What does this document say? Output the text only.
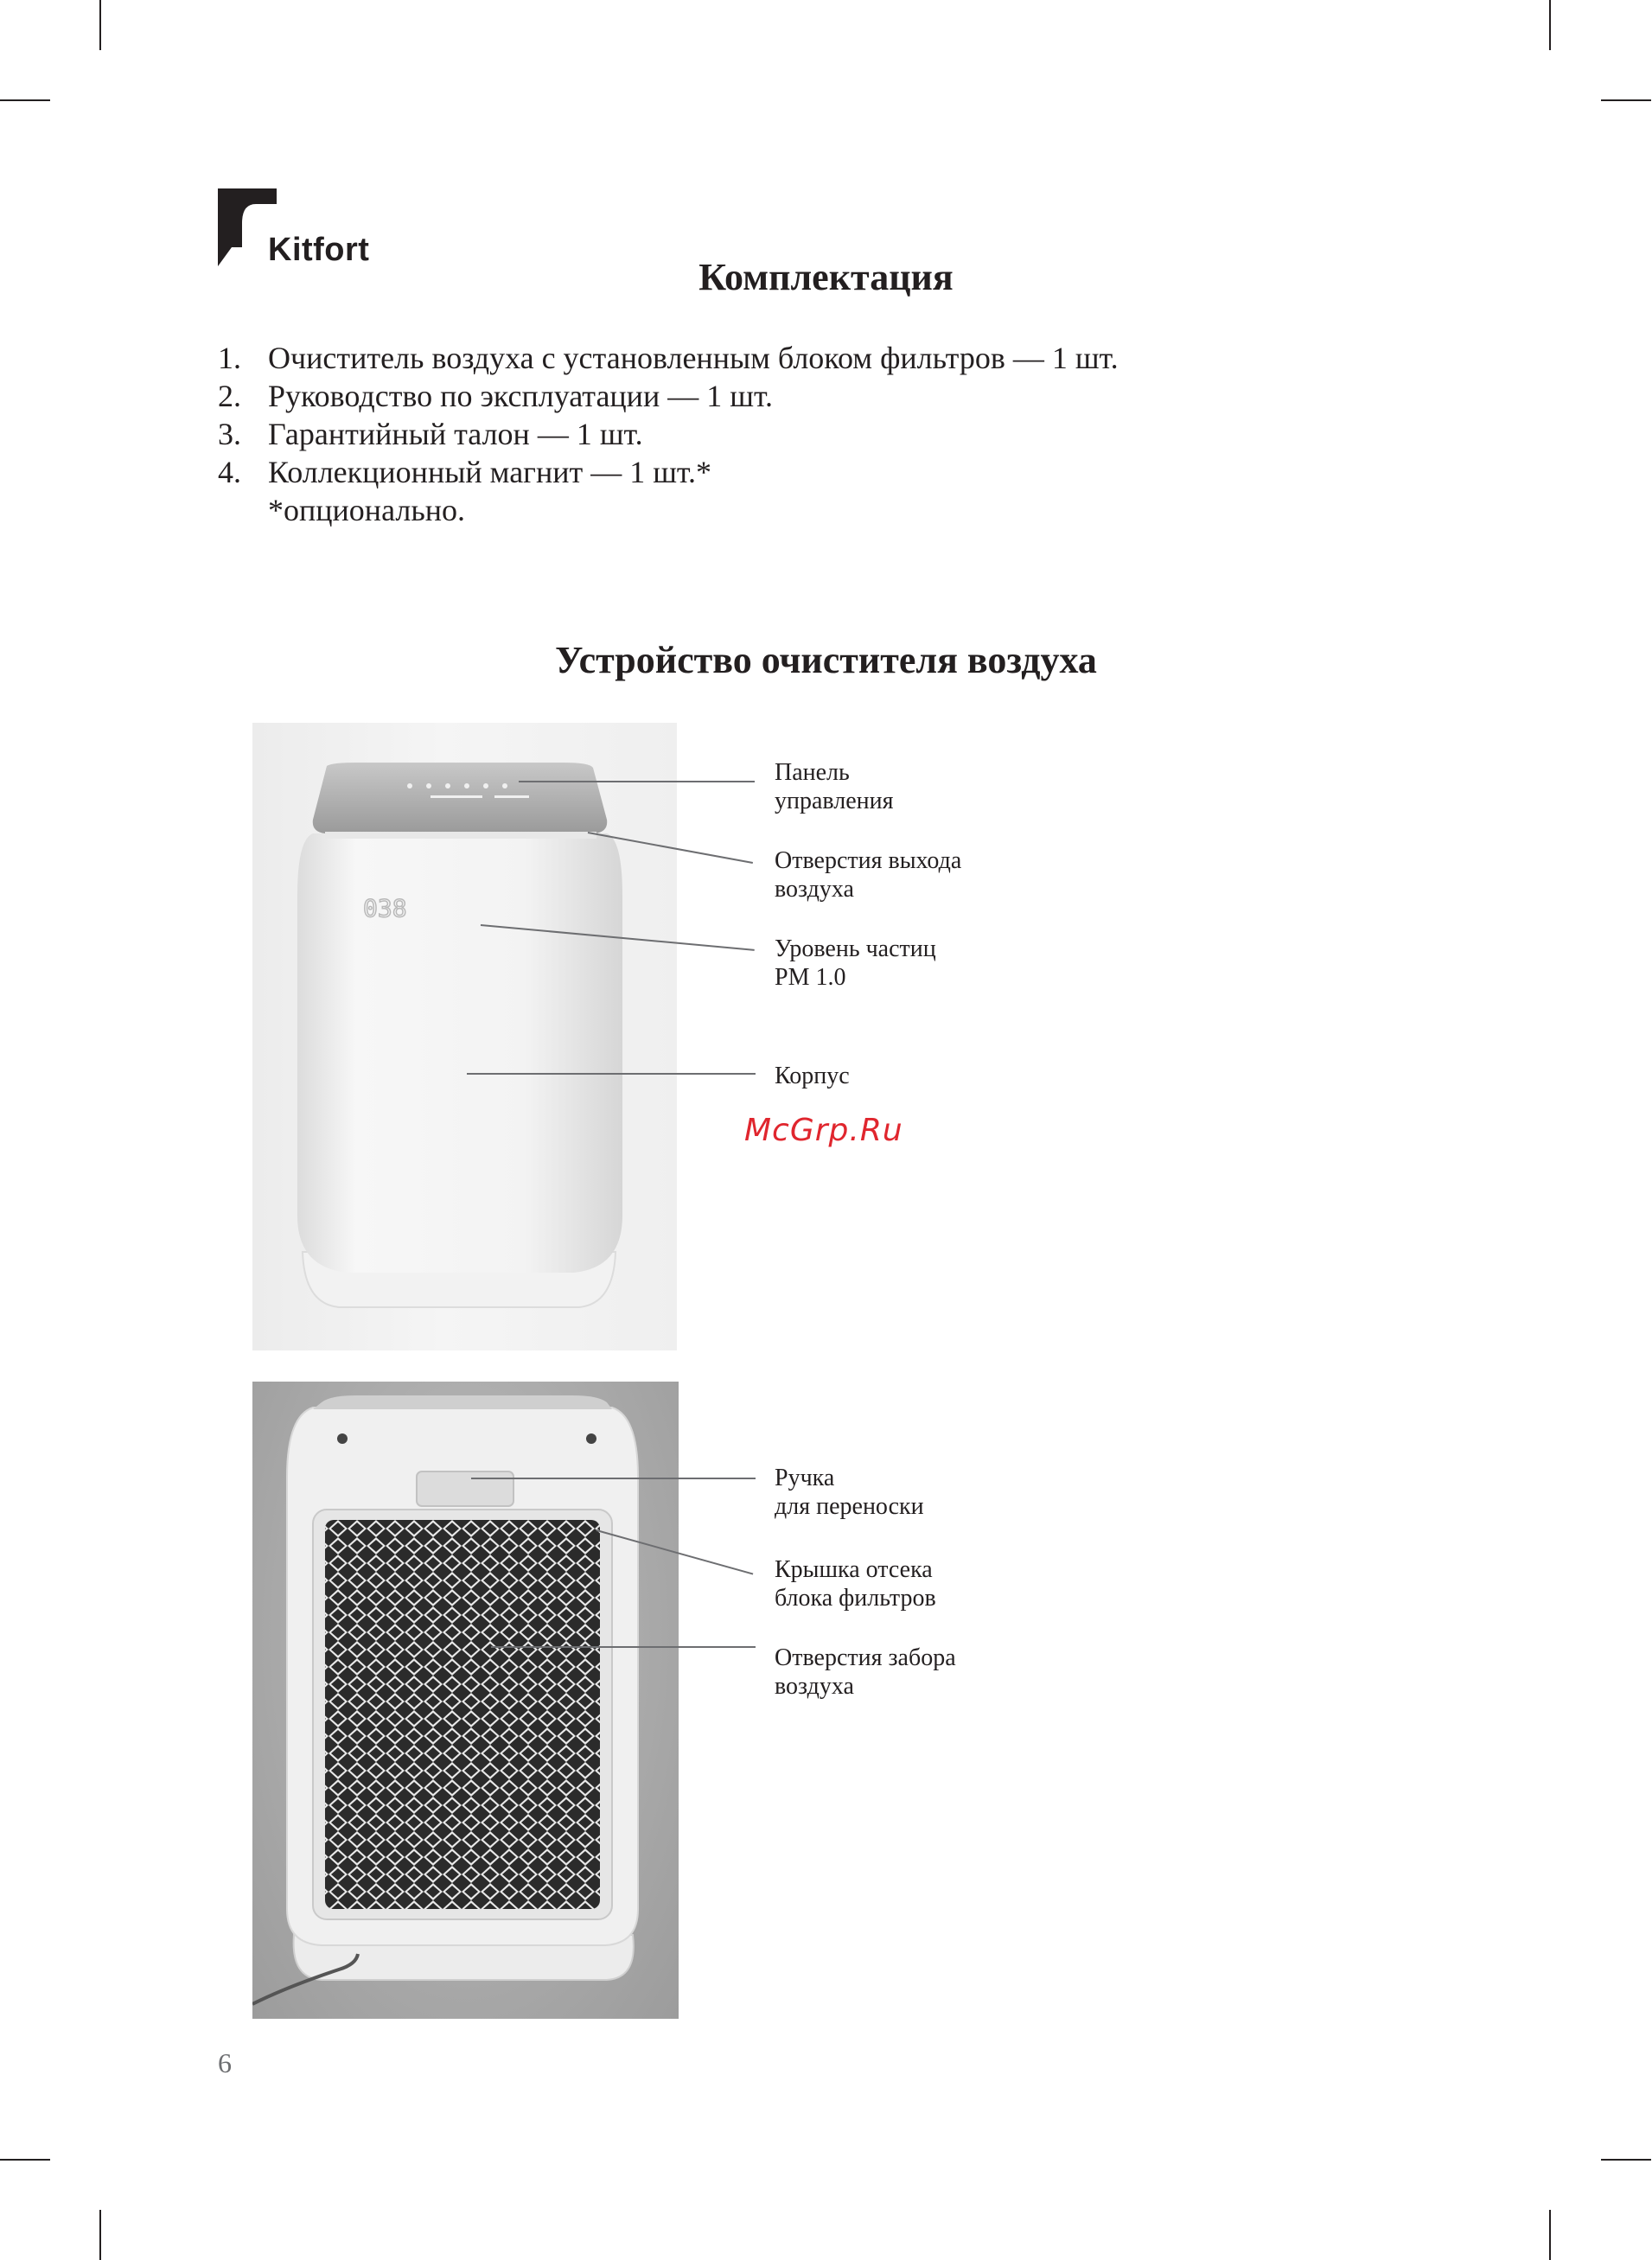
Kitfort
Комплектация
1. Очиститель воздуха с установленным блоком фильтров — 1 шт.
2. Руководство по эксплуатации — 1 шт.
3. Гарантийный талон — 1 шт.
4. Коллекционный магнит — 1 шт.*
*опционально.
Устройство очистителя воздуха
038
Панель
управления
Отверстия выхода
воздуха
Уровень частиц
PM 1.0
Корпус
Ручка
для переноски
Крышка отсека
блока фильтров
Отверстия забора
воздуха
McGrp.Ru
6
